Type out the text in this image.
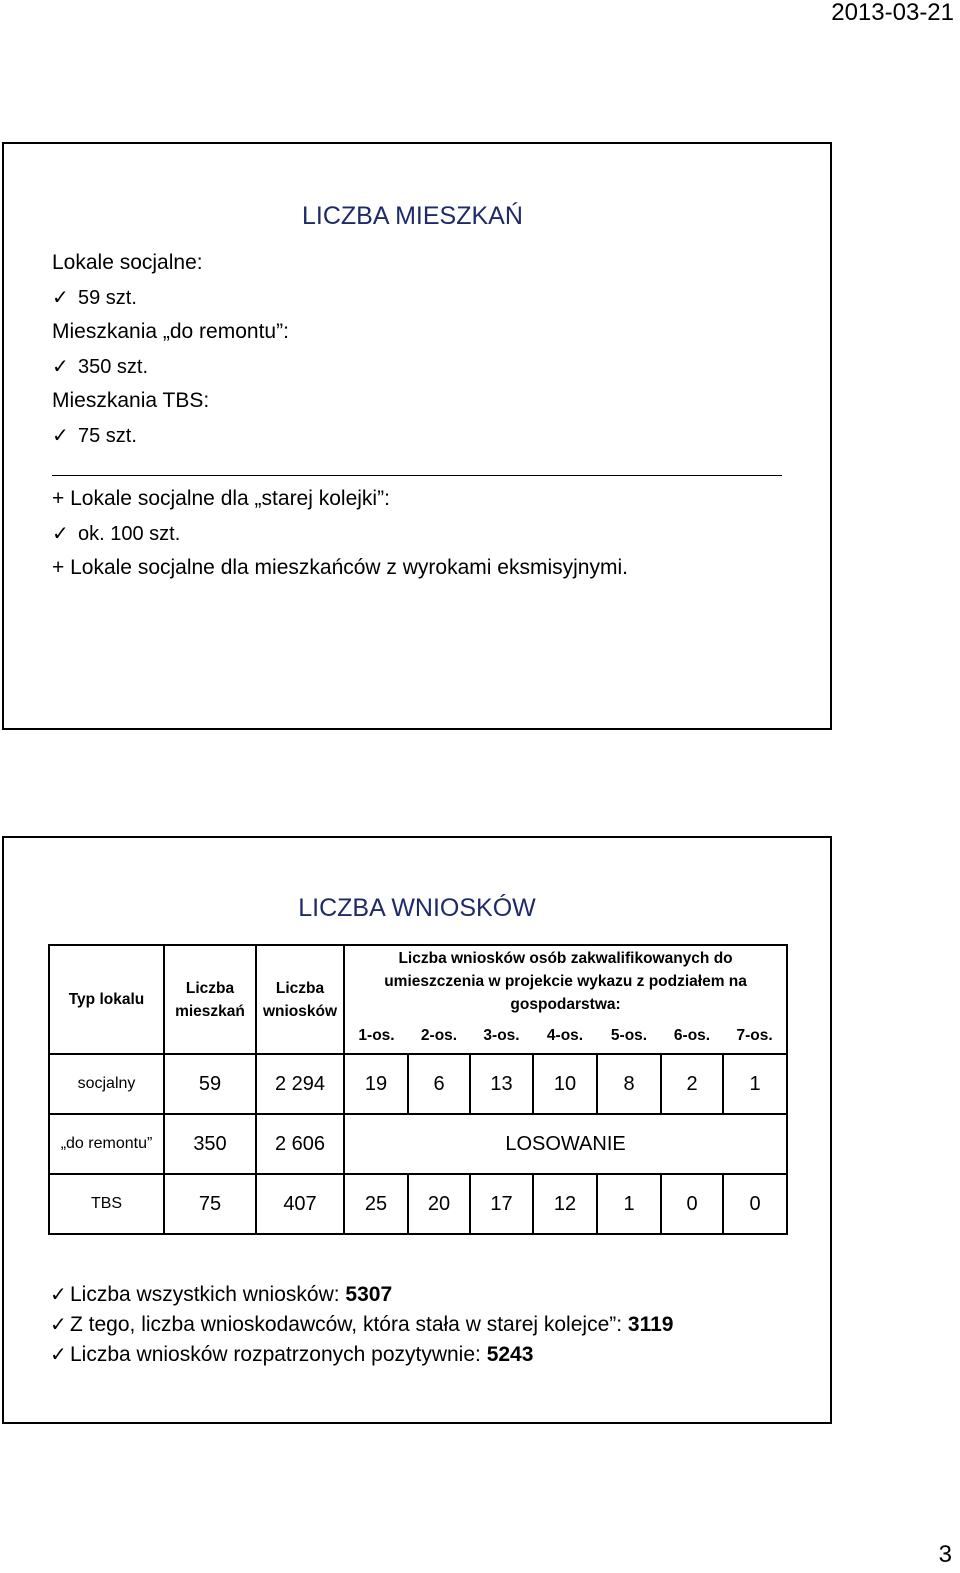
2013-03-21
LICZBA MIESZKAŃ
Lokale socjalne:
✓ 59 szt.
Mieszkania „do remontu”:
✓ 350 szt.
Mieszkania TBS:
✓ 75 szt.
+ Lokale socjalne dla „starej kolejki”:
✓ ok. 100 szt.
+ Lokale socjalne dla mieszkańców z wyrokami eksmisyjnymi.
LICZBA WNIOSKÓW
Typ lokalu	Liczba mieszkań	Liczba wniosków	Liczba wniosków osób zakwalifikowanych do umieszczenia w projekcie wykazu z podziałem na gospodarstwa:						
			1-os.	2-os.	3-os.	4-os.	5-os.	6-os.	7-os.
socjalny	59	2 294	19	6	13	10	8	2	1
„do remontu”	350	2 606	LOSOWANIE						
TBS	75	407	25	20	17	12	1	0	0
✓ Liczba wszystkich wniosków: 5307
✓ Z tego, liczba wnioskodawców, która stała w starej kolejce”: 3119
✓ Liczba wniosków rozpatrzonych pozytywnie: 5243
3
